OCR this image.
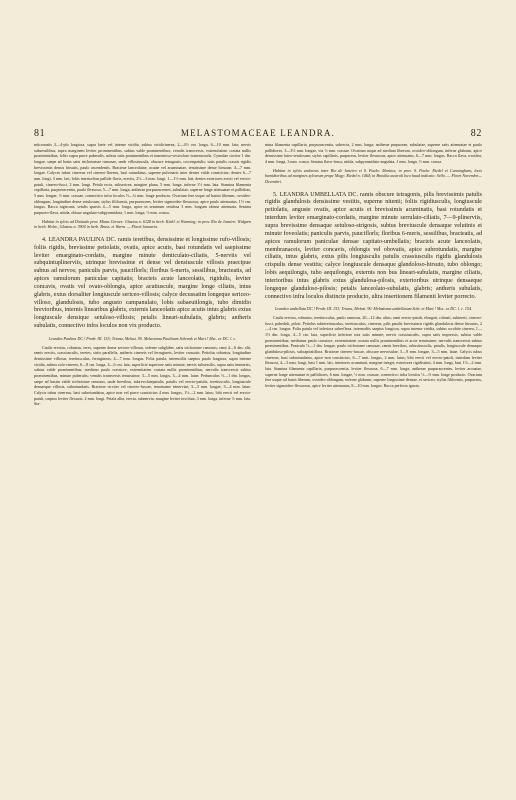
81	MELASTOMACEAE LEANDRA.	82

mûcronatis 3—4-plo longiora, supra laete vel intense viridia, subtus viridicinerea, 2—4½ cm. longa, 6—10 mm. lata; nervis subsessilibus, supra marginem leviter prominentibus, subtus valde prominentibus; venulis transversis, extremitatem costata nullis prominentibus; foliis supra parce puberulis, subtus satis prominentibus et tomentoso-vesiculoso-tomentosulis. Cymulae circiter 1 dm. longae, saepe ad basin satis trichotomae ramosae, unde villosiuscula, obscure tetragonis, crocenpatulis; satis patulis crassis rigidis brevissimis densis hirsutis, paulo ascendentis. Bracteae lanceolatae, acutae vel acuminatae, tenuissime dense hirsutae, 4—7 mm. longae. Calyces tubus cinereus vel cinereo-flavens, basi rotundatus, superne pulvinaris inter dentes valde constrictus; dentes 6—7 mm. longi, 3 mm. lati; lobis interioribus pallide flavis, erectis, 2½—3 mm. longi, 1—1½ mm. lati; dentes exteriores erecti vel erecto-patuli, cinereo-fusci, 2 mm. longi. Petala recta, subsericea, margine plana, 5 mm. longa, inferne 1½ mm. lata. Stamina filamenta capillaria, purpurascentia, paulo flexuosa, 5—7 mm. longa; antherae purpurascentes, subulatae, superne longe attenuatae et palliditas, 5 mm. longae, ½ mm. crassae, connectivo infra loculos ½—¾ mm. longe producto. Ovarium fere usque ad basim liberum, ovoideo-oblongum, longitudine dense setulosum; stylus filiformis, purpurascens, leviter sigmoideo-flexuosus, apice paulo attenuatus, 1½ cm. longus. Bacca nigricans, setulis sparsis 4—5 mm. longa, apice in seminum setulosa 3 mm. longum obtuse attenuata. Semina purpureo-flava, nitida, obtuse angulato-subpyramidata, 1 mm. longa, ½ mm. crassa.

Habitat in sylvis ad Dioitado prov. Minas Geraes: Glaziou n. 6328 in herb. Kiehl. et Warming; in prov. Rio de Janeiro: Widgren in herb. Holm., Glaziou n. 3904 in herb. Bruss. et Warm. — Floret Januario.

4. LEANDRA PAULINA DC. ramis teretibus, densissime et longissime rufo-villosis; foliis rigidis, brevissime petiolatis, ovatis, apice acutis, basi rotundatis vel saepissime leviter emarginato-cordatis, margine minute denticulato-ciliatis, 5-nerviis vel subquintuplinerviis, utrinque brevissime et dense vel densiuscule villosis praecipue subtus ad nervos; paniculis parvis, pauciflorls; floribus 6-meris, sessilibus, bracteatis, ad apices ramulorum paniculae capitatis; bracteis acute lanceolatis, rigidulis, leviter concavis, ovatis vel ovato-oblongis, apice acutiuscule, margine longe ciliatis, intus glabris, extus dorsaliter longiuscule sericeo-villosis; calyce decussatim longeque sericeo-villoso, glandulosis, tubo angusto campanulato, lobis subaeuiilongis, tubo dimidio brevioribus, internis linearibus glabris, externis lanceolatis apice acutis intus glabris extus longiuscule densique setuloso-villosis; petalis lineari-subulatis, glabris; antheris subulatis, connectivo infra loculos non vix producto.

Leandra Paulina DC.! Prodr. III. 153; Triana, Melast. 90. Melastoma Paulinum Schrank et Mart.! Msc. ex DC. l. c.

Caulis erectus, robustus, teres, superne dense sericeo-villosus, inferne subglaber, satis trichotome ramosus; rami 4—6 dm. alti, ramis erectis, crassiusculis, teretes, striis parallelis, antheris cinereis vel ferrugineis, leviter crassatis. Petiolus robustus, longitudine densissime villosus, teretiusculus, ferrugineus, 4—7 mm. longus. Folia patula, internodiis saepius paulo longiora, supra intense viridia, subtus rufo-cinerea, 6—8 cm. longa, 4—6 cm. lata, superficie superiore satis minute; nervis subsessilis, supra satis immersis, subtus valde prominentibus; mediano paulo crassiore, extremitatem costata nullis prominentibus; nervulis transversis subtus prominentibus, minute puberulis; venulis transversis tenuissime, 3—5 mm. longis, 3—4 mm. latae. Pedunculus ½—1 dm. longus, saepe ad basim valde trichotome ramosus, unde brevibus, subrevolutepatulis, patulis vel erecto-patulis, teretiusculis, longiuscule densaeque villosis, subrotundatis. Bracteae circiter vel cinereo-fuscae, tenuissime trinerviae, 3—5 mm. longae, 3—4 mm. latae. Calycis tubus cinereus, basi subrotundatus, apice non vel parce constrictus 4 mm. longus, 1½—2 mm. latus; lobi erecti vel erecto-patuli, carpius leviter flexuosi, 2 mm. longi. Petala alba, erecta, subnervia, margine leviter involuta, 3 mm. longa, inferne ⅓ mm. lata. Sta-

mina filamenta capillaria, purpurascentia, subrecta, 2 mm. longa; antherae purpureae, subulatae, superne satis attenuatae et paulo pallidiores, 3—3½ mm. longae, via ⅓ mm. crassae. Ovarium usque ad medium liberum, ovoideo-oblongum, inferne glabrum, apice densissime luteo-setulosum; stylus capillaris, purpureus, leviter flexuosus, apice attenuatus, 6—7 mm. longus. Bacca flava, ovoidea, 4 mm. longa, 3 mm. crassa. Semina flavo-fusca, nitida, subpyramidato-angulata, 1 mm. longa, ½ mm. crassa.

Habitat in sylvis umbrosis inter Rio de Janeiro et S. Paulo: Martius; in prov. S. Paulo: Riedel et Cunningham; locis humidioribus ad margines sylvarum prope Mogy: Riedel n. 1464; in Brasilia australi loco haud indicato: Sello. — Floret Novembri—Decembri.

5. LEANDRA UMBELLATA DC. ramis obscure tetragonis, pilis brevissimis patulis rigidis glandulosis densissime vestitis, superne nitenti; foliis rigidiusculis, longiuscule petiolatis, anguste ovatis, apice acutis et brevissimis acuminatis, basi rotundatis et interdum leviter emarginato-cordatis, margine minute serrulato-ciliatis, 7—9-plinerviis, supra brevissime densaque setuloso-strigosis, subtus breviuscule densaque velutinis et minute foveolatis; paniculis parvis, pauciflorls; floribus 6-meris, sessilibus, bracteatis, ad apices ramulorum paniculae densae capitato-umbellatis; bracteis acute lanceolatis, membranaceis, leviter concavis, oblongis vel obovatis, apice subrotundatis, margine ciliatis, intus glabris, extus pilis longiusculis patulis crassiusculis rigidis glandulosis crispulis dense vestitis; calyce longiuscule densaque glandoloso-hirsuto, tubo oblongo; lobis aequilongis, tubo aequilongis, externis non bus lineari-subulatis, margine ciliatis, interioribus intus glabris extus glandulosa-pilosis, exterioribus utrinque densaeque longeque glanduloso-pilosis; petalis lanceolato-subulatis, glabris; antheris subulatis, connectivo infra loculos distincte producto, ultra insertionem filamenti leviter porrecto.

Leandra umbellata DC.! Prodr. III. 153; Triana, Melast. 90. Melastoma umbellatum Schr. et Mart.! Msc. ex DC. l. c. 154.

Caulis erectus, robustus, teretiusculus, paulo ramosus, 20—12 dm. altus; rami erecto-patuli, elongati, robusti, subtereti, cinereo-fusci, pubeduli, pilosi. Petiolus subteretiusculus, teretiusculus, cinereus, pilis patulis brevissimis rigidis glandulosis dense hirsutus, 2—4 cm. longus. Folia patula vel inferiora subreflexa, internodiis saepius longiora, supra intense viridia, subtus scrobite cinerea, 1—1½ dm. longa, 4—5 cm. lata, superficie inferiore tota satis minute; nervis crassiusculis, supra satis impressis, subtus valde prominentibus; medianus paulo crassiore, extremitatem costata nullis prominentibus et arcte tenuissime; nervulis transversis subtus prominentibus. Panicula ½—1 dm. longae, paulo trichotome ramosae, ramis brevibus, robustiusculis, patulis, longiuscule densaque glanduloso-pilosis, subcapitatiflora. Bracteae cinereo-fuscae, obscure nervosulae, 5—9 mm. longae, 3—5 mm. latae. Calycis tubus cinereus, basi subrotundatus, apice non constrictus, 6—7 mm. longus, 2 mm. latus; lobi erecti vel erecto-patuli, interdum leviter flexuosi, 4—5 mm. longi, basi 1 mm. lati, interiores acuminati, margine integri; exteriores rigidissimi, 4 mm. longi, basi 1½—2 mm. lata. Stamina filamenta capillaria, purpurascentia, leviter flexuosa, 6—7 mm. longa; antherae purpurascentes, leviter arcuatae, superne longe attenuatae et pallidiores, 6 mm. longae, ½ mm. crassae, connectivo infra loculos ½—⅔ mm. longe producto. Ovarium fere usque ad basin liberum, ovoideo-oblongum, inferne glabrum, superne longissime densae, et sericeo; stylus filiformis, purpureus, leviter sigmoideo-flexuosus, apice leviter attenuatus, 8—10 mm. longus. Bacca perfecta ignota.
